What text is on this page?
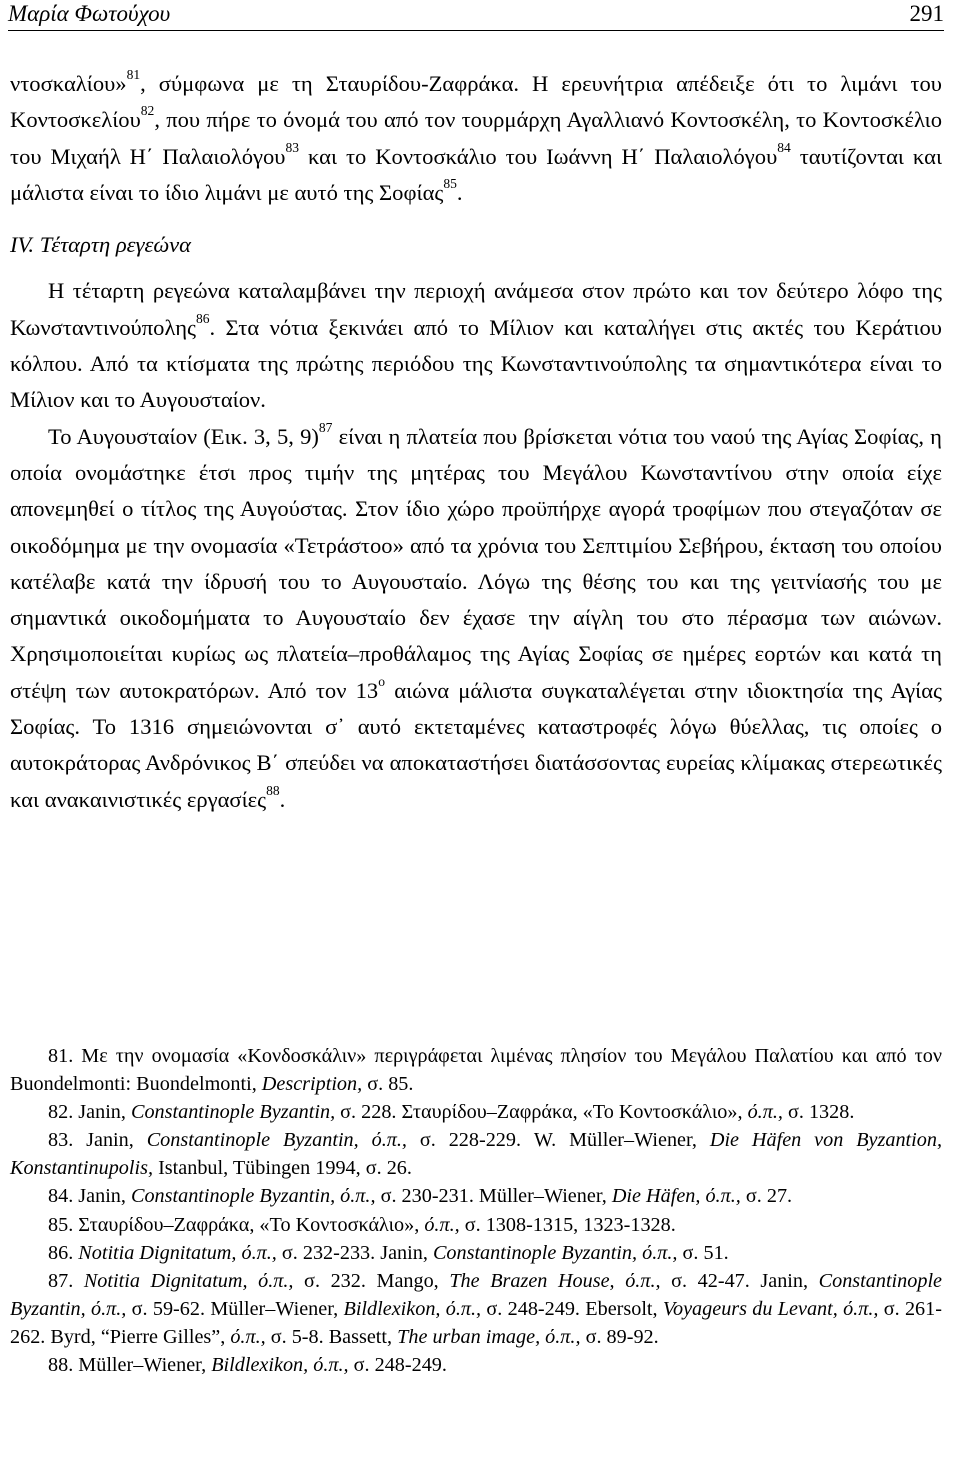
Μαρία Φωτούχου	291

ντοσκαλίου»$^{81}$, σύμφωνα με τη Σταυρίδου-Ζαφράκα. Η ερευνήτρια απέδειξε ότι το λιμάνι του Κοντοσκελίου$^{82}$, που πήρε το όνομά του από τον τουρμάρχη Αγαλλιανό Κοντοσκέλη, το Κοντοσκέλιο του Μιχαήλ Η΄ Παλαιολόγου$^{83}$ και το Κοντοσκάλιο του Ιωάννη Η΄ Παλαιολόγου$^{84}$ ταυτίζονται και μάλιστα είναι το ίδιο λιμάνι με αυτό της Σοφίας$^{85}$.

IV. Τέταρτη ρεγεώνα

Η τέταρτη ρεγεώνα καταλαμβάνει την περιοχή ανάμεσα στον πρώτο και τον δεύτερο λόφο της Κωνσταντινούπολης$^{86}$. Στα νότια ξεκινάει από το Μίλιον και καταλήγει στις ακτές του Κεράτιου κόλπου. Από τα κτίσματα της πρώτης περιόδου της Κωνσταντινούπολης τα σημαντικότερα είναι το Μίλιον και το Αυγουσταίον.

Το Αυγουσταίον (Εικ. 3, 5, 9)$^{87}$ είναι η πλατεία που βρίσκεται νότια του ναού της Αγίας Σοφίας, η οποία ονομάστηκε έτσι προς τιμήν της μητέρας του Μεγάλου Κωνσταντίνου στην οποία είχε απονεμηθεί ο τίτλος της Αυγούστας. Στον ίδιο χώρο προϋπήρχε αγορά τροφίμων που στεγαζόταν σε οικοδόμημα με την ονομασία «Τετράστοο» από τα χρόνια του Σεπτιμίου Σεβήρου, έκταση του οποίου κατέλαβε κατά την ίδρυσή του το Αυγουσταίο. Λόγω της θέσης του και της γειτνίασής του με σημαντικά οικοδομήματα το Αυγουσταίο δεν έχασε την αίγλη του στο πέρασμα των αιώνων. Χρησιμοποιείται κυρίως ως πλατεία–προθάλαμος της Αγίας Σοφίας σε ημέρες εορτών και κατά τη στέψη των αυτοκρατόρων. Από τον $13^o$ αιώνα μάλιστα συγκαταλέγεται στην ιδιοκτησία της Αγίας Σοφίας. Το 1316 σημειώνονται σ᾽ αυτό εκτεταμένες καταστροφές λόγω θύελλας, τις οποίες ο αυτοκράτορας Ανδρόνικος Β΄ σπεύδει να αποκαταστήσει διατάσσοντας ευρείας κλίμακας στερεωτικές και ανακαινιστικές εργασίες$^{88}$.

81. Με την ονομασία «Κονδοσκάλιν» περιγράφεται λιμένας πλησίον του Μεγάλου Παλατίου και από τον Buondelmonti: Buondelmonti, Description, σ. 85.

82. Janin, Constantinople Byzantin, σ. 228. Σταυρίδου–Ζαφράκα, «Το Κοντοσκάλιο», ό.π., σ. 1328.

83. Janin, Constantinople Byzantin, ό.π., σ. 228-229. W. Müller–Wiener, Die Häfen von Byzantion, Konstantinupolis, Istanbul, Tübingen 1994, σ. 26.

84. Janin, Constantinople Byzantin, ό.π., σ. 230-231. Müller–Wiener, Die Häfen, ό.π., σ. 27.

85. Σταυρίδου–Ζαφράκα, «Το Κοντοσκάλιο», ό.π., σ. 1308-1315, 1323-1328.

86. Notitia Dignitatum, ό.π., σ. 232-233. Janin, Constantinople Byzantin, ό.π., σ. 51.

87. Notitia Dignitatum, ό.π., σ. 232. Mango, The Brazen House, ό.π., σ. 42-47. Janin, Constantinople Byzantin, ό.π., σ. 59-62. Müller–Wiener, Bildlexikon, ό.π., σ. 248-249. Ebersolt, Voyageurs du Levant, ό.π., σ. 261-262. Byrd, “Pierre Gilles”, ό.π., σ. 5-8. Bassett, The urban image, ό.π., σ. 89-92.

88. Müller–Wiener, Bildlexikon, ό.π., σ. 248-249.
